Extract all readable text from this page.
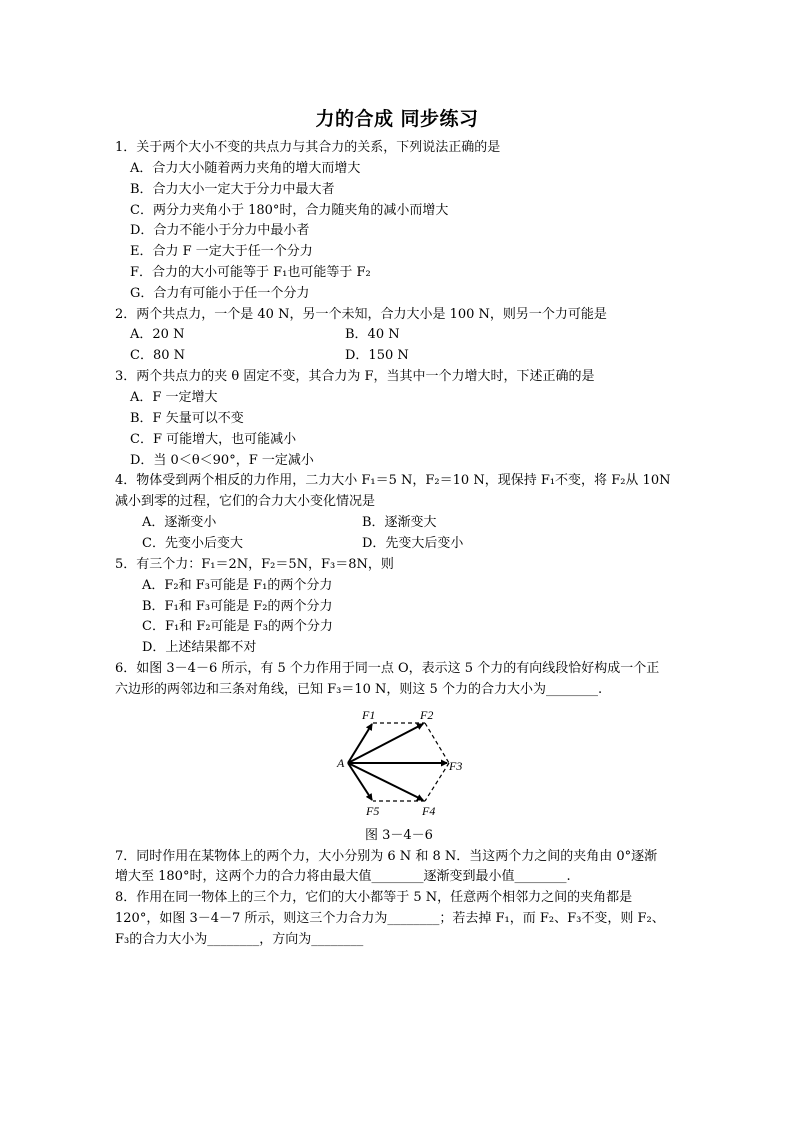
力的合成 同步练习
1．关于两个大小不变的共点力与其合力的关系，下列说法正确的是
A．合力大小随着两力夹角的增大而增大
B．合力大小一定大于分力中最大者
C．两分力夹角小于 180°时，合力随夹角的减小而增大
D．合力不能小于分力中最小者
E．合力 F 一定大于任一个分力
F．合力的大小可能等于 F₁也可能等于 F₂
G．合力有可能小于任一个分力
2．两个共点力，一个是 40 N，另一个未知，合力大小是 100 N，则另一个力可能是
A．20 N	B．40 N
C．80 N	D．150 N
3．两个共点力的夹 θ 固定不变，其合力为 F，当其中一个力增大时，下述正确的是
A．F 一定增大
B．F 矢量可以不变
C．F 可能增大，也可能减小
D．当 0＜θ＜90°，F 一定减小
4．物体受到两个相反的力作用，二力大小 F₁＝5 N，F₂＝10 N，现保持 F₁不变，将 F₂从 10N
减小到零的过程，它们的合力大小变化情况是
A．逐渐变小	B．逐渐变大
C．先变小后变大	D．先变大后变小
5．有三个力：F₁＝2N，F₂＝5N，F₃＝8N，则
A．F₂和 F₃可能是 F₁的两个分力
B．F₁和 F₃可能是 F₂的两个分力
C．F₁和 F₂可能是 F₃的两个分力
D．上述结果都不对
6．如图 3－4－6 所示，有 5 个力作用于同一点 O，表示这 5 个力的有向线段恰好构成一个正
六边形的两邻边和三条对角线，已知 F₃＝10 N，则这 5 个力的合力大小为________.
A
F1	F2
F3
F4
F5
图 3－4－6
7．同时作用在某物体上的两个力，大小分别为 6 N 和 8 N．当这两个力之间的夹角由 0°逐渐
增大至 180°时，这两个力的合力将由最大值________逐渐变到最小值________.
8．作用在同一物体上的三个力，它们的大小都等于 5 N，任意两个相邻力之间的夹角都是
120°，如图 3－4－7 所示，则这三个力合力为________；若去掉 F₁，而 F₂、F₃不变，则 F₂、
F₃的合力大小为________，方向为________
